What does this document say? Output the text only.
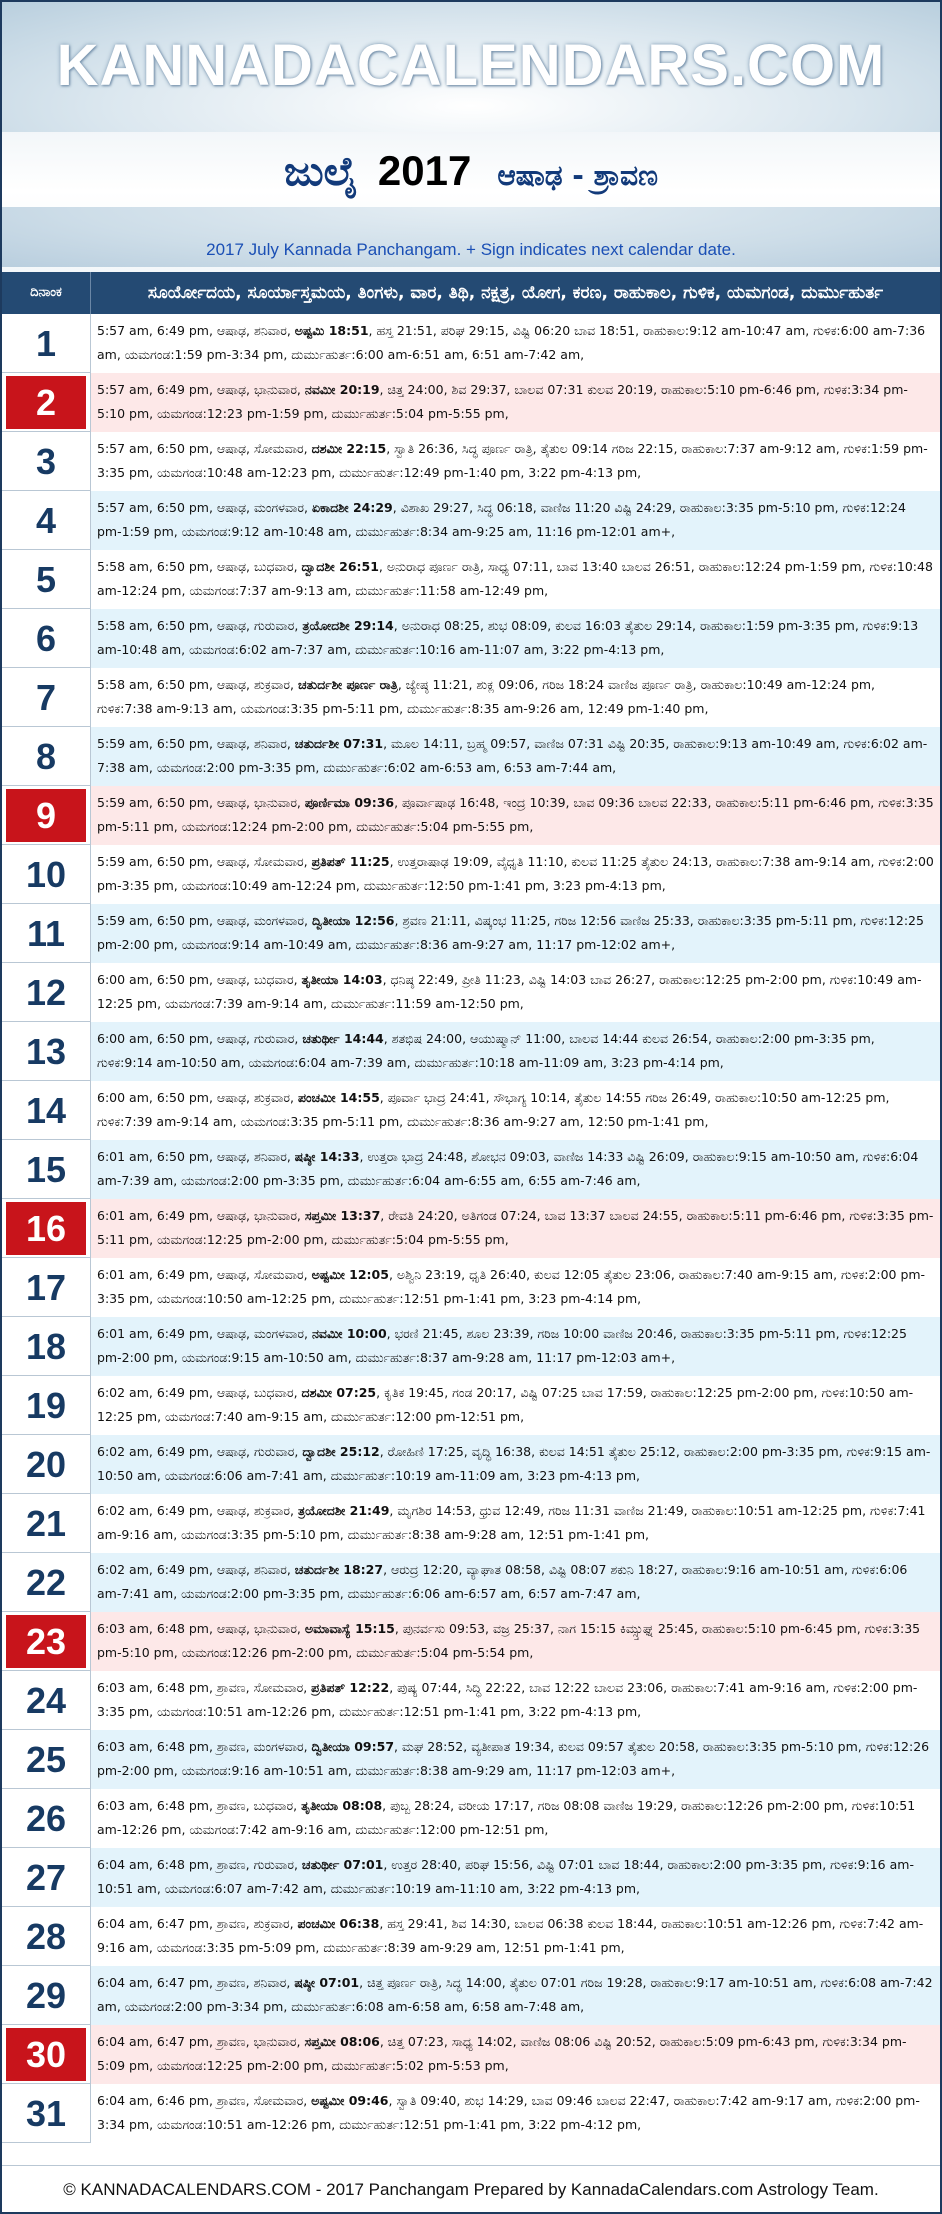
KANNADACALENDARS.COM
ಜುಲೈ 2017 ಆಷಾಢ - ಶ್ರಾವಣ
2017 July Kannada Panchangam. + Sign indicates next calendar date.
ದಿನಾಂಕ	ಸೂರ್ಯೋದಯ, ಸೂರ್ಯಾಸ್ತಮಯ, ತಿಂಗಳು, ವಾರ, ತಿಥಿ, ನಕ್ಷತ್ರ, ಯೋಗ, ಕರಣ, ರಾಹುಕಾಲ, ಗುಳಿಕ, ಯಮಗಂಡ, ದುರ್ಮುಹುರ್ತ
1	5:57 am, 6:49 pm, ಆಷಾಢ, ಶನಿವಾರ, ಅಷ್ಟಮಿ 18:51, ಹಸ್ತ 21:51, ಪರಿಘ 29:15, ವಿಷ್ಟಿ 06:20 ಬಾವ 18:51, ರಾಹುಕಾಲ:9:12 am-10:47 am, ಗುಳಿಕ:6:00 am-7:36 am, ಯಮಗಂಡ:1:59 pm-3:34 pm, ದುರ್ಮುಹುರ್ತ:6:00 am-6:51 am, 6:51 am-7:42 am,
2	5:57 am, 6:49 pm, ಆಷಾಢ, ಭಾನುವಾರ, ನವಮೀ 20:19, ಚಿತ್ತ 24:00, ಶಿವ 29:37, ಬಾಲವ 07:31 ಕುಲವ 20:19, ರಾಹುಕಾಲ:5:10 pm-6:46 pm, ಗುಳಿಕ:3:34 pm-5:10 pm, ಯಮಗಂಡ:12:23 pm-1:59 pm, ದುರ್ಮುಹುರ್ತ:5:04 pm-5:55 pm,
3	5:57 am, 6:50 pm, ಆಷಾಢ, ಸೋಮವಾರ, ದಶಮೀ 22:15, ಸ್ವಾತಿ 26:36, ಸಿದ್ಧ ಪೂರ್ಣ ರಾತ್ರಿ, ತೈತುಲ 09:14 ಗರಿಜ 22:15, ರಾಹುಕಾಲ:7:37 am-9:12 am, ಗುಳಿಕ:1:59 pm-3:35 pm, ಯಮಗಂಡ:10:48 am-12:23 pm, ದುರ್ಮುಹುರ್ತ:12:49 pm-1:40 pm, 3:22 pm-4:13 pm,
4	5:57 am, 6:50 pm, ಆಷಾಢ, ಮಂಗಳವಾರ, ಏಕಾದಶೀ 24:29, ವಿಶಾಖ 29:27, ಸಿದ್ಧ 06:18, ವಾಣಿಜ 11:20 ವಿಷ್ಟಿ 24:29, ರಾಹುಕಾಲ:3:35 pm-5:10 pm, ಗುಳಿಕ:12:24 pm-1:59 pm, ಯಮಗಂಡ:9:12 am-10:48 am, ದುರ್ಮುಹುರ್ತ:8:34 am-9:25 am, 11:16 pm-12:01 am+,
5	5:58 am, 6:50 pm, ಆಷಾಢ, ಬುಧವಾರ, ದ್ವಾದಶೀ 26:51, ಅನುರಾಧ ಪೂರ್ಣ ರಾತ್ರಿ, ಸಾಧ್ಯ 07:11, ಬಾವ 13:40 ಬಾಲವ 26:51, ರಾಹುಕಾಲ:12:24 pm-1:59 pm, ಗುಳಿಕ:10:48 am-12:24 pm, ಯಮಗಂಡ:7:37 am-9:13 am, ದುರ್ಮುಹುರ್ತ:11:58 am-12:49 pm,
6	5:58 am, 6:50 pm, ಆಷಾಢ, ಗುರುವಾರ, ತ್ರಯೋದಶೀ 29:14, ಅನುರಾಧ 08:25, ಶುಭ 08:09, ಕುಲವ 16:03 ತೈತುಲ 29:14, ರಾಹುಕಾಲ:1:59 pm-3:35 pm, ಗುಳಿಕ:9:13 am-10:48 am, ಯಮಗಂಡ:6:02 am-7:37 am, ದುರ್ಮುಹುರ್ತ:10:16 am-11:07 am, 3:22 pm-4:13 pm,
7	5:58 am, 6:50 pm, ಆಷಾಢ, ಶುಕ್ರವಾರ, ಚತುರ್ದಶೀ ಪೂರ್ಣ ರಾತ್ರಿ, ಜ್ಯೇಷ್ಠ 11:21, ಶುಕ್ಲ 09:06, ಗರಿಜ 18:24 ವಾಣಿಜ ಪೂರ್ಣ ರಾತ್ರಿ, ರಾಹುಕಾಲ:10:49 am-12:24 pm, ಗುಳಿಕ:7:38 am-9:13 am, ಯಮಗಂಡ:3:35 pm-5:11 pm, ದುರ್ಮುಹುರ್ತ:8:35 am-9:26 am, 12:49 pm-1:40 pm,
8	5:59 am, 6:50 pm, ಆಷಾಢ, ಶನಿವಾರ, ಚತುರ್ದಶೀ 07:31, ಮೂಲ 14:11, ಬ್ರಹ್ಮ 09:57, ವಾಣಿಜ 07:31 ವಿಷ್ಟಿ 20:35, ರಾಹುಕಾಲ:9:13 am-10:49 am, ಗುಳಿಕ:6:02 am-7:38 am, ಯಮಗಂಡ:2:00 pm-3:35 pm, ದುರ್ಮುಹುರ್ತ:6:02 am-6:53 am, 6:53 am-7:44 am,
9	5:59 am, 6:50 pm, ಆಷಾಢ, ಭಾನುವಾರ, ಪೂರ್ಣಿಮಾ 09:36, ಪೂರ್ವಾಷಾಢ 16:48, ಇಂದ್ರ 10:39, ಬಾವ 09:36 ಬಾಲವ 22:33, ರಾಹುಕಾಲ:5:11 pm-6:46 pm, ಗುಳಿಕ:3:35 pm-5:11 pm, ಯಮಗಂಡ:12:24 pm-2:00 pm, ದುರ್ಮುಹುರ್ತ:5:04 pm-5:55 pm,
10	5:59 am, 6:50 pm, ಆಷಾಢ, ಸೋಮವಾರ, ಪ್ರತಿಪತ್ 11:25, ಉತ್ತರಾಷಾಢ 19:09, ವೈಧೃತಿ 11:10, ಕುಲವ 11:25 ತೈತುಲ 24:13, ರಾಹುಕಾಲ:7:38 am-9:14 am, ಗುಳಿಕ:2:00 pm-3:35 pm, ಯಮಗಂಡ:10:49 am-12:24 pm, ದುರ್ಮುಹುರ್ತ:12:50 pm-1:41 pm, 3:23 pm-4:13 pm,
11	5:59 am, 6:50 pm, ಆಷಾಢ, ಮಂಗಳವಾರ, ದ್ವಿತೀಯಾ 12:56, ಶ್ರವಣ 21:11, ವಿಷ್ಕಂಭ 11:25, ಗರಿಜ 12:56 ವಾಣಿಜ 25:33, ರಾಹುಕಾಲ:3:35 pm-5:11 pm, ಗುಳಿಕ:12:25 pm-2:00 pm, ಯಮಗಂಡ:9:14 am-10:49 am, ದುರ್ಮುಹುರ್ತ:8:36 am-9:27 am, 11:17 pm-12:02 am+,
12	6:00 am, 6:50 pm, ಆಷಾಢ, ಬುಧವಾರ, ತೃತೀಯಾ 14:03, ಧನಿಷ್ಠ 22:49, ಪ್ರೀತಿ 11:23, ವಿಷ್ಟಿ 14:03 ಬಾವ 26:27, ರಾಹುಕಾಲ:12:25 pm-2:00 pm, ಗುಳಿಕ:10:49 am-12:25 pm, ಯಮಗಂಡ:7:39 am-9:14 am, ದುರ್ಮುಹುರ್ತ:11:59 am-12:50 pm,
13	6:00 am, 6:50 pm, ಆಷಾಢ, ಗುರುವಾರ, ಚತುರ್ಥೀ 14:44, ಶತಭಿಷ 24:00, ಆಯುಷ್ಮಾನ್ 11:00, ಬಾಲವ 14:44 ಕುಲವ 26:54, ರಾಹುಕಾಲ:2:00 pm-3:35 pm, ಗುಳಿಕ:9:14 am-10:50 am, ಯಮಗಂಡ:6:04 am-7:39 am, ದುರ್ಮುಹುರ್ತ:10:18 am-11:09 am, 3:23 pm-4:14 pm,
14	6:00 am, 6:50 pm, ಆಷಾಢ, ಶುಕ್ರವಾರ, ಪಂಚಮೀ 14:55, ಪೂರ್ವಾ ಭಾದ್ರ 24:41, ಸೌಭಾಗ್ಯ 10:14, ತೈತುಲ 14:55 ಗರಿಜ 26:49, ರಾಹುಕಾಲ:10:50 am-12:25 pm, ಗುಳಿಕ:7:39 am-9:14 am, ಯಮಗಂಡ:3:35 pm-5:11 pm, ದುರ್ಮುಹುರ್ತ:8:36 am-9:27 am, 12:50 pm-1:41 pm,
15	6:01 am, 6:50 pm, ಆಷಾಢ, ಶನಿವಾರ, ಷಷ್ಠೀ 14:33, ಉತ್ತರಾ ಭಾದ್ರ 24:48, ಶೋಭನ 09:03, ವಾಣಿಜ 14:33 ವಿಷ್ಟಿ 26:09, ರಾಹುಕಾಲ:9:15 am-10:50 am, ಗುಳಿಕ:6:04 am-7:39 am, ಯಮಗಂಡ:2:00 pm-3:35 pm, ದುರ್ಮುಹುರ್ತ:6:04 am-6:55 am, 6:55 am-7:46 am,
16	6:01 am, 6:49 pm, ಆಷಾಢ, ಭಾನುವಾರ, ಸಪ್ತಮೀ 13:37, ರೇವತಿ 24:20, ಅತಿಗಂಡ 07:24, ಬಾವ 13:37 ಬಾಲವ 24:55, ರಾಹುಕಾಲ:5:11 pm-6:46 pm, ಗುಳಿಕ:3:35 pm-5:11 pm, ಯಮಗಂಡ:12:25 pm-2:00 pm, ದುರ್ಮುಹುರ್ತ:5:04 pm-5:55 pm,
17	6:01 am, 6:49 pm, ಆಷಾಢ, ಸೋಮವಾರ, ಅಷ್ಟಮೀ 12:05, ಅಶ್ವಿನಿ 23:19, ಧೃತಿ 26:40, ಕುಲವ 12:05 ತೈತುಲ 23:06, ರಾಹುಕಾಲ:7:40 am-9:15 am, ಗುಳಿಕ:2:00 pm-3:35 pm, ಯಮಗಂಡ:10:50 am-12:25 pm, ದುರ್ಮುಹುರ್ತ:12:51 pm-1:41 pm, 3:23 pm-4:14 pm,
18	6:01 am, 6:49 pm, ಆಷಾಢ, ಮಂಗಳವಾರ, ನವಮೀ 10:00, ಭರಣಿ 21:45, ಶೂಲ 23:39, ಗರಿಜ 10:00 ವಾಣಿಜ 20:46, ರಾಹುಕಾಲ:3:35 pm-5:11 pm, ಗುಳಿಕ:12:25 pm-2:00 pm, ಯಮಗಂಡ:9:15 am-10:50 am, ದುರ್ಮುಹುರ್ತ:8:37 am-9:28 am, 11:17 pm-12:03 am+,
19	6:02 am, 6:49 pm, ಆಷಾಢ, ಬುಧವಾರ, ದಶಮೀ 07:25, ಕೃತಿಕ 19:45, ಗಂಡ 20:17, ವಿಷ್ಟಿ 07:25 ಬಾವ 17:59, ರಾಹುಕಾಲ:12:25 pm-2:00 pm, ಗುಳಿಕ:10:50 am-12:25 pm, ಯಮಗಂಡ:7:40 am-9:15 am, ದುರ್ಮುಹುರ್ತ:12:00 pm-12:51 pm,
20	6:02 am, 6:49 pm, ಆಷಾಢ, ಗುರುವಾರ, ದ್ವಾದಶೀ 25:12, ರೋಹಿಣಿ 17:25, ವೃದ್ಧಿ 16:38, ಕುಲವ 14:51 ತೈತುಲ 25:12, ರಾಹುಕಾಲ:2:00 pm-3:35 pm, ಗುಳಿಕ:9:15 am-10:50 am, ಯಮಗಂಡ:6:06 am-7:41 am, ದುರ್ಮುಹುರ್ತ:10:19 am-11:09 am, 3:23 pm-4:13 pm,
21	6:02 am, 6:49 pm, ಆಷಾಢ, ಶುಕ್ರವಾರ, ತ್ರಯೋದಶೀ 21:49, ಮೃಗಶಿರ 14:53, ಧ್ರುವ 12:49, ಗರಿಜ 11:31 ವಾಣಿಜ 21:49, ರಾಹುಕಾಲ:10:51 am-12:25 pm, ಗುಳಿಕ:7:41 am-9:16 am, ಯಮಗಂಡ:3:35 pm-5:10 pm, ದುರ್ಮುಹುರ್ತ:8:38 am-9:28 am, 12:51 pm-1:41 pm,
22	6:02 am, 6:49 pm, ಆಷಾಢ, ಶನಿವಾರ, ಚತುರ್ದಶೀ 18:27, ಆರುದ್ರ 12:20, ವ್ಯಾಘಾತ 08:58, ವಿಷ್ಟಿ 08:07 ಶಕುನಿ 18:27, ರಾಹುಕಾಲ:9:16 am-10:51 am, ಗುಳಿಕ:6:06 am-7:41 am, ಯಮಗಂಡ:2:00 pm-3:35 pm, ದುರ್ಮುಹುರ್ತ:6:06 am-6:57 am, 6:57 am-7:47 am,
23	6:03 am, 6:48 pm, ಆಷಾಢ, ಭಾನುವಾರ, ಅಮಾವಾಸ್ಯೆ 15:15, ಪುನರ್ವಸು 09:53, ವಜ್ರ 25:37, ನಾಗ 15:15 ಕಿಮ್ಸ್ತುಘ್ನ 25:45, ರಾಹುಕಾಲ:5:10 pm-6:45 pm, ಗುಳಿಕ:3:35 pm-5:10 pm, ಯಮಗಂಡ:12:26 pm-2:00 pm, ದುರ್ಮುಹುರ್ತ:5:04 pm-5:54 pm,
24	6:03 am, 6:48 pm, ಶ್ರಾವಣ, ಸೋಮವಾರ, ಪ್ರತಿಪತ್ 12:22, ಪುಷ್ಯ 07:44, ಸಿದ್ಧಿ 22:22, ಬಾವ 12:22 ಬಾಲವ 23:06, ರಾಹುಕಾಲ:7:41 am-9:16 am, ಗುಳಿಕ:2:00 pm-3:35 pm, ಯಮಗಂಡ:10:51 am-12:26 pm, ದುರ್ಮುಹುರ್ತ:12:51 pm-1:41 pm, 3:22 pm-4:13 pm,
25	6:03 am, 6:48 pm, ಶ್ರಾವಣ, ಮಂಗಳವಾರ, ದ್ವಿತೀಯಾ 09:57, ಮಘ 28:52, ವ್ಯತೀಪಾತ 19:34, ಕುಲವ 09:57 ತೈತುಲ 20:58, ರಾಹುಕಾಲ:3:35 pm-5:10 pm, ಗುಳಿಕ:12:26 pm-2:00 pm, ಯಮಗಂಡ:9:16 am-10:51 am, ದುರ್ಮುಹುರ್ತ:8:38 am-9:29 am, 11:17 pm-12:03 am+,
26	6:03 am, 6:48 pm, ಶ್ರಾವಣ, ಬುಧವಾರ, ತೃತೀಯಾ 08:08, ಪುಬ್ಬ 28:24, ವರೀಯ 17:17, ಗರಿಜ 08:08 ವಾಣಿಜ 19:29, ರಾಹುಕಾಲ:12:26 pm-2:00 pm, ಗುಳಿಕ:10:51 am-12:26 pm, ಯಮಗಂಡ:7:42 am-9:16 am, ದುರ್ಮುಹುರ್ತ:12:00 pm-12:51 pm,
27	6:04 am, 6:48 pm, ಶ್ರಾವಣ, ಗುರುವಾರ, ಚತುರ್ಥೀ 07:01, ಉತ್ತರ 28:40, ಪರಿಘ 15:56, ವಿಷ್ಟಿ 07:01 ಬಾವ 18:44, ರಾಹುಕಾಲ:2:00 pm-3:35 pm, ಗುಳಿಕ:9:16 am-10:51 am, ಯಮಗಂಡ:6:07 am-7:42 am, ದುರ್ಮುಹುರ್ತ:10:19 am-11:10 am, 3:22 pm-4:13 pm,
28	6:04 am, 6:47 pm, ಶ್ರಾವಣ, ಶುಕ್ರವಾರ, ಪಂಚಮೀ 06:38, ಹಸ್ತ 29:41, ಶಿವ 14:30, ಬಾಲವ 06:38 ಕುಲವ 18:44, ರಾಹುಕಾಲ:10:51 am-12:26 pm, ಗುಳಿಕ:7:42 am-9:16 am, ಯಮಗಂಡ:3:35 pm-5:09 pm, ದುರ್ಮುಹುರ್ತ:8:39 am-9:29 am, 12:51 pm-1:41 pm,
29	6:04 am, 6:47 pm, ಶ್ರಾವಣ, ಶನಿವಾರ, ಷಷ್ಠೀ 07:01, ಚಿತ್ತ ಪೂರ್ಣ ರಾತ್ರಿ, ಸಿದ್ಧ 14:00, ತೈತುಲ 07:01 ಗರಿಜ 19:28, ರಾಹುಕಾಲ:9:17 am-10:51 am, ಗುಳಿಕ:6:08 am-7:42 am, ಯಮಗಂಡ:2:00 pm-3:34 pm, ದುರ್ಮುಹುರ್ತ:6:08 am-6:58 am, 6:58 am-7:48 am,
30	6:04 am, 6:47 pm, ಶ್ರಾವಣ, ಭಾನುವಾರ, ಸಪ್ತಮೀ 08:06, ಚಿತ್ತ 07:23, ಸಾಧ್ಯ 14:02, ವಾಣಿಜ 08:06 ವಿಷ್ಟಿ 20:52, ರಾಹುಕಾಲ:5:09 pm-6:43 pm, ಗುಳಿಕ:3:34 pm-5:09 pm, ಯಮಗಂಡ:12:25 pm-2:00 pm, ದುರ್ಮುಹುರ್ತ:5:02 pm-5:53 pm,
31	6:04 am, 6:46 pm, ಶ್ರಾವಣ, ಸೋಮವಾರ, ಅಷ್ಟಮೀ 09:46, ಸ್ವಾತಿ 09:40, ಶುಭ 14:29, ಬಾವ 09:46 ಬಾಲವ 22:47, ರಾಹುಕಾಲ:7:42 am-9:17 am, ಗುಳಿಕ:2:00 pm-3:34 pm, ಯಮಗಂಡ:10:51 am-12:26 pm, ದುರ್ಮುಹುರ್ತ:12:51 pm-1:41 pm, 3:22 pm-4:12 pm,
© KANNADACALENDARS.COM - 2017 Panchangam Prepared by KannadaCalendars.com Astrology Team.
